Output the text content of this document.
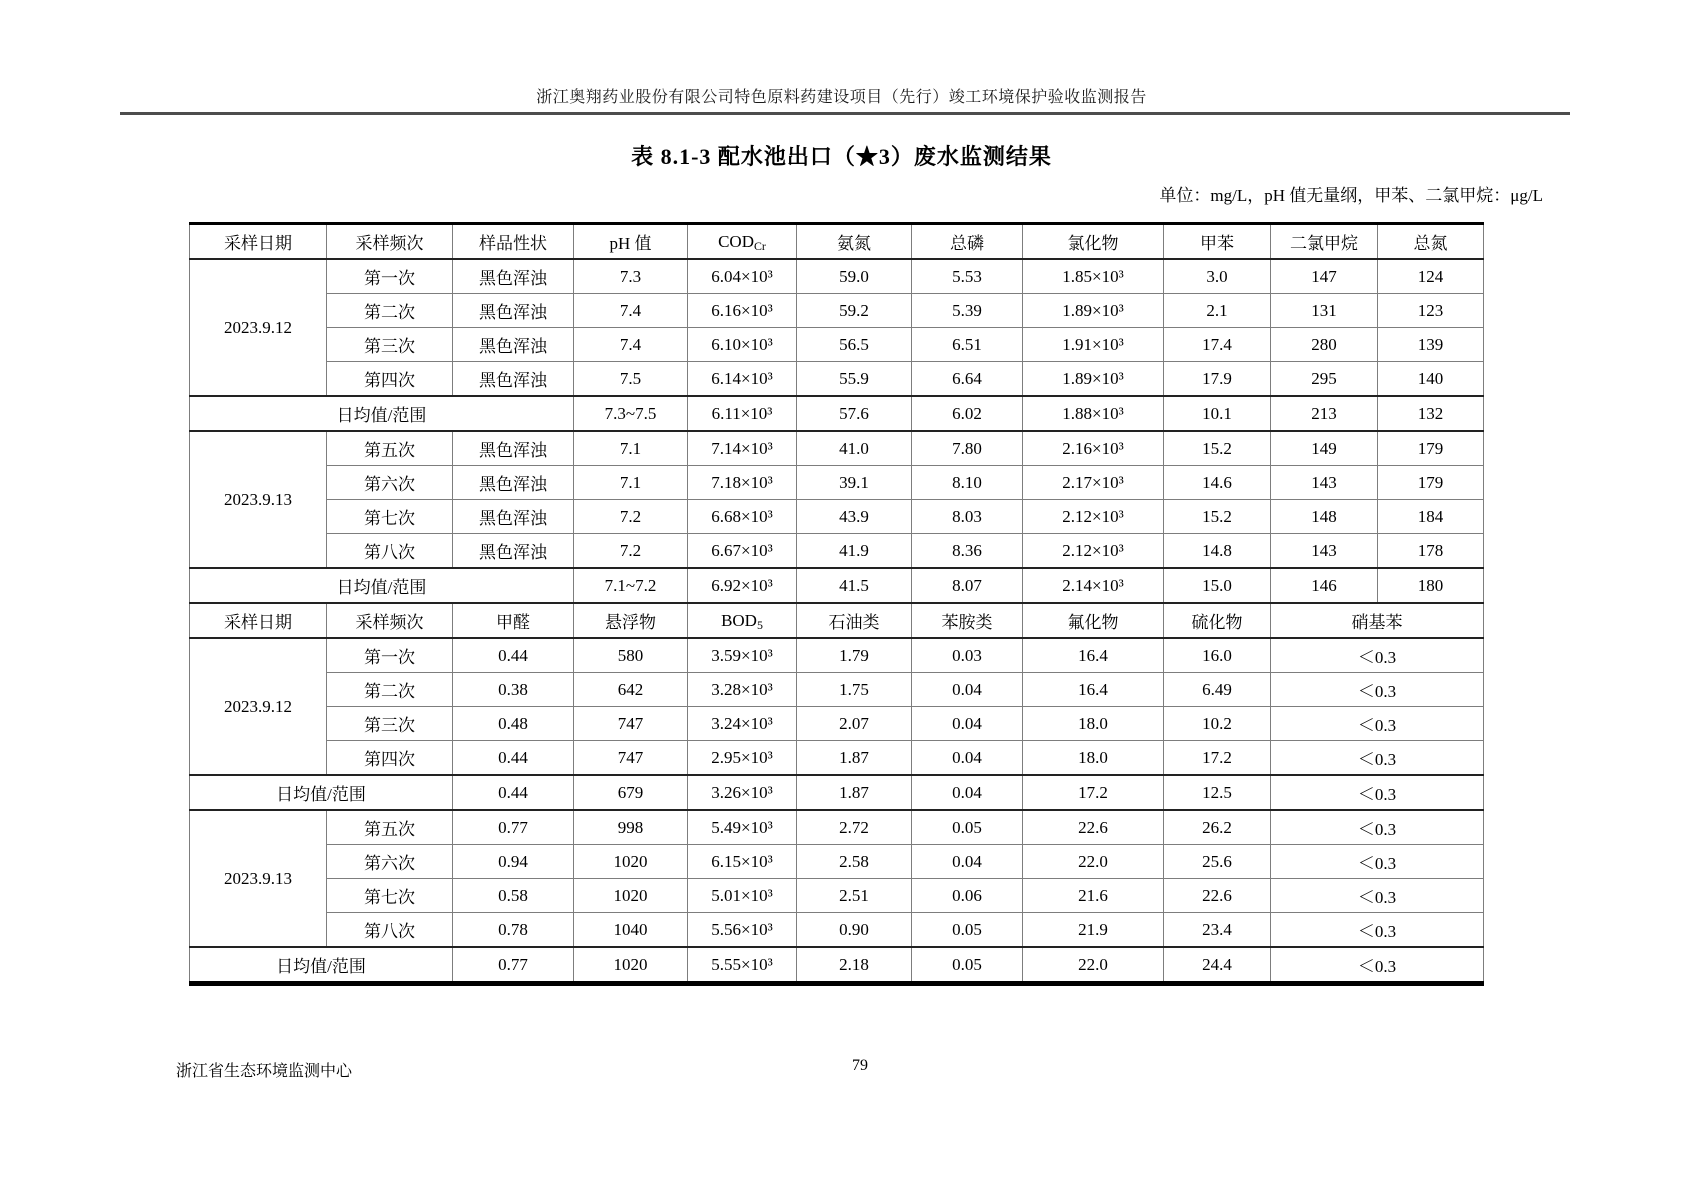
浙江奥翔药业股份有限公司特色原料药建设项目（先行）竣工环境保护验收监测报告
表 8.1-3 配水池出口（★3）废水监测结果
单位：mg/L，pH 值无量纲，甲苯、二氯甲烷：μg/L
采样日期	采样频次	样品性状	pH 值	$COD_{Cr}$	氨氮	总磷	氯化物	甲苯	二氯甲烷	总氮
2023.9.12	第一次	黑色浑浊	7.3	6.04×10³	59.0	5.53	1.85×10³	3.0	147	124
	第二次	黑色浑浊	7.4	6.16×10³	59.2	5.39	1.89×10³	2.1	131	123
	第三次	黑色浑浊	7.4	6.10×10³	56.5	6.51	1.91×10³	17.4	280	139
	第四次	黑色浑浊	7.5	6.14×10³	55.9	6.64	1.89×10³	17.9	295	140
日均值/范围			7.3~7.5	6.11×10³	57.6	6.02	1.88×10³	10.1	213	132
2023.9.13	第五次	黑色浑浊	7.1	7.14×10³	41.0	7.80	2.16×10³	15.2	149	179
	第六次	黑色浑浊	7.1	7.18×10³	39.1	8.10	2.17×10³	14.6	143	179
	第七次	黑色浑浊	7.2	6.68×10³	43.9	8.03	2.12×10³	15.2	148	184
	第八次	黑色浑浊	7.2	6.67×10³	41.9	8.36	2.12×10³	14.8	143	178
日均值/范围			7.1~7.2	6.92×10³	41.5	8.07	2.14×10³	15.0	146	180
采样日期	采样频次	甲醛	悬浮物	$BOD_5$	石油类	苯胺类	氟化物	硫化物	硝基苯	
2023.9.12	第一次	0.44	580	3.59×10³	1.79	0.03	16.4	16.0	＜0.3	
	第二次	0.38	642	3.28×10³	1.75	0.04	16.4	6.49	＜0.3	
	第三次	0.48	747	3.24×10³	2.07	0.04	18.0	10.2	＜0.3	
	第四次	0.44	747	2.95×10³	1.87	0.04	18.0	17.2	＜0.3	
日均值/范围		0.44	679	3.26×10³	1.87	0.04	17.2	12.5	＜0.3	
2023.9.13	第五次	0.77	998	5.49×10³	2.72	0.05	22.6	26.2	＜0.3	
	第六次	0.94	1020	6.15×10³	2.58	0.04	22.0	25.6	＜0.3	
	第七次	0.58	1020	5.01×10³	2.51	0.06	21.6	22.6	＜0.3	
	第八次	0.78	1040	5.56×10³	0.90	0.05	21.9	23.4	＜0.3	
日均值/范围		0.77	1020	5.55×10³	2.18	0.05	22.0	24.4	＜0.3	
浙江省生态环境监测中心	79
